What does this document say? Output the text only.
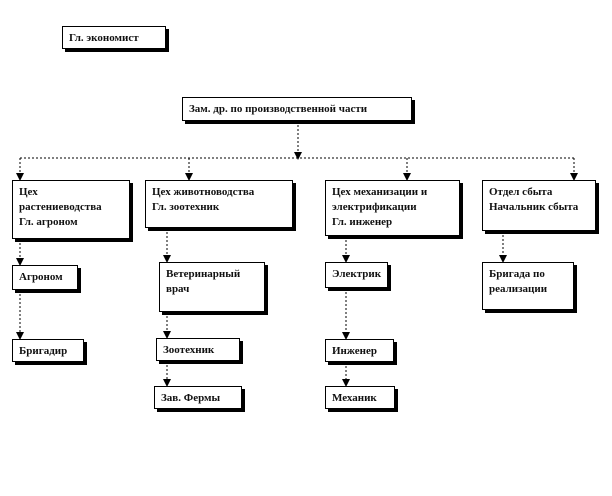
Гл. экономист
Зам. др. по производственной части
Цех
растениеводства
Гл. агроном
Цех животноводства
Гл. зоотехник
Цех механизации и
электрификации
Гл. инженер
Отдел сбыта
Начальник сбыта
Агроном
Бригадир
Ветеринарный
врач
Зоотехник
Зав. Фермы
Электрик
Инженер
Механик
Бригада по
реализации
